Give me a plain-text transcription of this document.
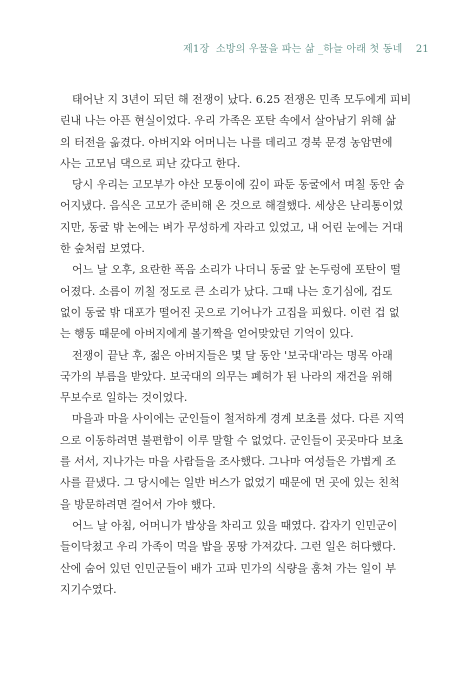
제1장 소방의 우물을 파는 삶 _하늘 아래 첫 동네 21

태어난 지 3년이 되던 해 전쟁이 났다. 6.25 전쟁은 민족 모두에게 피비
린내 나는 아픈 현실이었다. 우리 가족은 포탄 속에서 살아남기 위해 삶
의 터전을 옮겼다. 아버지와 어머니는 나를 데리고 경북 문경 농암면에
사는 고모님 댁으로 피난 갔다고 한다.

당시 우리는 고모부가 야산 모퉁이에 깊이 파둔 동굴에서 며칠 동안 숨
어지냈다. 음식은 고모가 준비해 온 것으로 해결했다. 세상은 난리통이었
지만, 동굴 밖 논에는 벼가 무성하게 자라고 있었고, 내 어린 눈에는 거대
한 숲처럼 보였다.

어느 날 오후, 요란한 폭음 소리가 나더니 동굴 앞 논두렁에 포탄이 떨
어졌다. 소름이 끼칠 정도로 큰 소리가 났다. 그때 나는 호기심에, 겁도
없이 동굴 밖 대포가 떨어진 곳으로 기어나가 고집을 피웠다. 이런 겁 없
는 행동 때문에 아버지에게 볼기짝을 얻어맞았던 기억이 있다.

전쟁이 끝난 후, 젊은 아버지들은 몇 달 동안 '보국대'라는 명목 아래
국가의 부름을 받았다. 보국대의 의무는 폐허가 된 나라의 재건을 위해
무보수로 일하는 것이었다.

마을과 마을 사이에는 군인들이 철저하게 경계 보초를 섰다. 다른 지역
으로 이동하려면 불편함이 이루 말할 수 없었다. 군인들이 곳곳마다 보초
를 서서, 지나가는 마을 사람들을 조사했다. 그나마 여성들은 가볍게 조
사를 끝냈다. 그 당시에는 일반 버스가 없었기 때문에 먼 곳에 있는 친척
을 방문하려면 걸어서 가야 했다.

어느 날 아침, 어머니가 밥상을 차리고 있을 때였다. 갑자기 인민군이
들이닥쳤고 우리 가족이 먹을 밥을 몽땅 가져갔다. 그런 일은 허다했다.
산에 숨어 있던 인민군들이 배가 고파 민가의 식량을 훔쳐 가는 일이 부
지기수였다.
